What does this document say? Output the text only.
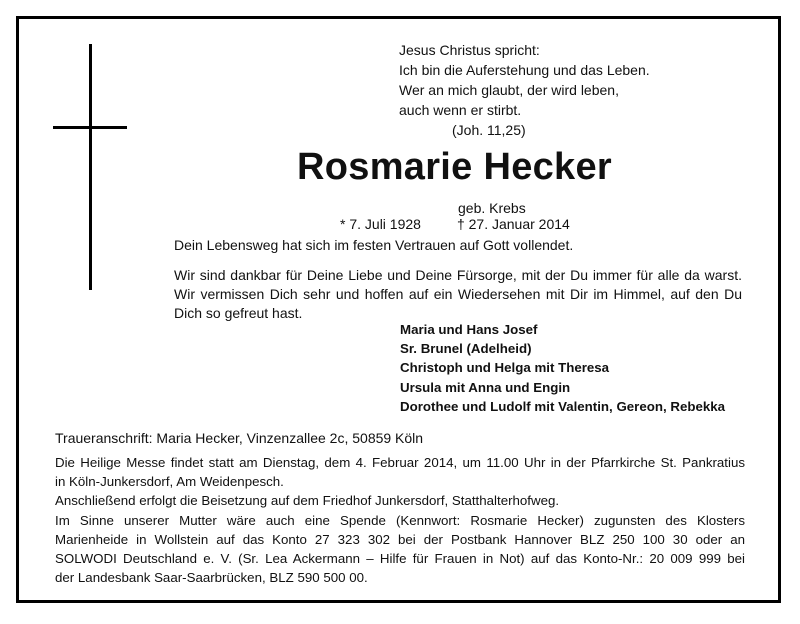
Jesus Christus spricht:
Ich bin die Auferstehung und das Leben.
Wer an mich glaubt, der wird leben,
auch wenn er stirbt.
(Joh. 11,25)
Rosmarie Hecker
geb. Krebs
* 7. Juli 1928	† 27. Januar 2014
Dein Lebensweg hat sich im festen Vertrauen auf Gott vollendet.
Wir sind dankbar für Deine Liebe und Deine Fürsorge, mit der Du immer für alle da warst. Wir vermissen Dich sehr und hoffen auf ein Wiedersehen mit Dir im Himmel, auf den Du Dich so gefreut hast.
Maria und Hans Josef
Sr. Brunel (Adelheid)
Christoph und Helga mit Theresa
Ursula mit Anna und Engin
Dorothee und Ludolf mit Valentin, Gereon, Rebekka
Traueranschrift: Maria Hecker, Vinzenzallee 2c, 50859 Köln
Die Heilige Messe findet statt am Dienstag, dem 4. Februar 2014, um 11.00 Uhr in der Pfarrkirche St. Pankratius
in Köln-Junkersdorf, Am Weidenpesch.
Anschließend erfolgt die Beisetzung auf dem Friedhof Junkersdorf, Statthalterhofweg.
Im Sinne unserer Mutter wäre auch eine Spende (Kennwort: Rosmarie Hecker) zugunsten des Klosters
Marienheide in Wollstein auf das Konto 27 323 302 bei der Postbank Hannover BLZ 250 100 30 oder an
SOLWODI Deutschland e. V. (Sr. Lea Ackermann – Hilfe für Frauen in Not) auf das Konto-Nr.: 20 009 999 bei
der Landesbank Saar-Saarbrücken, BLZ 590 500 00.
